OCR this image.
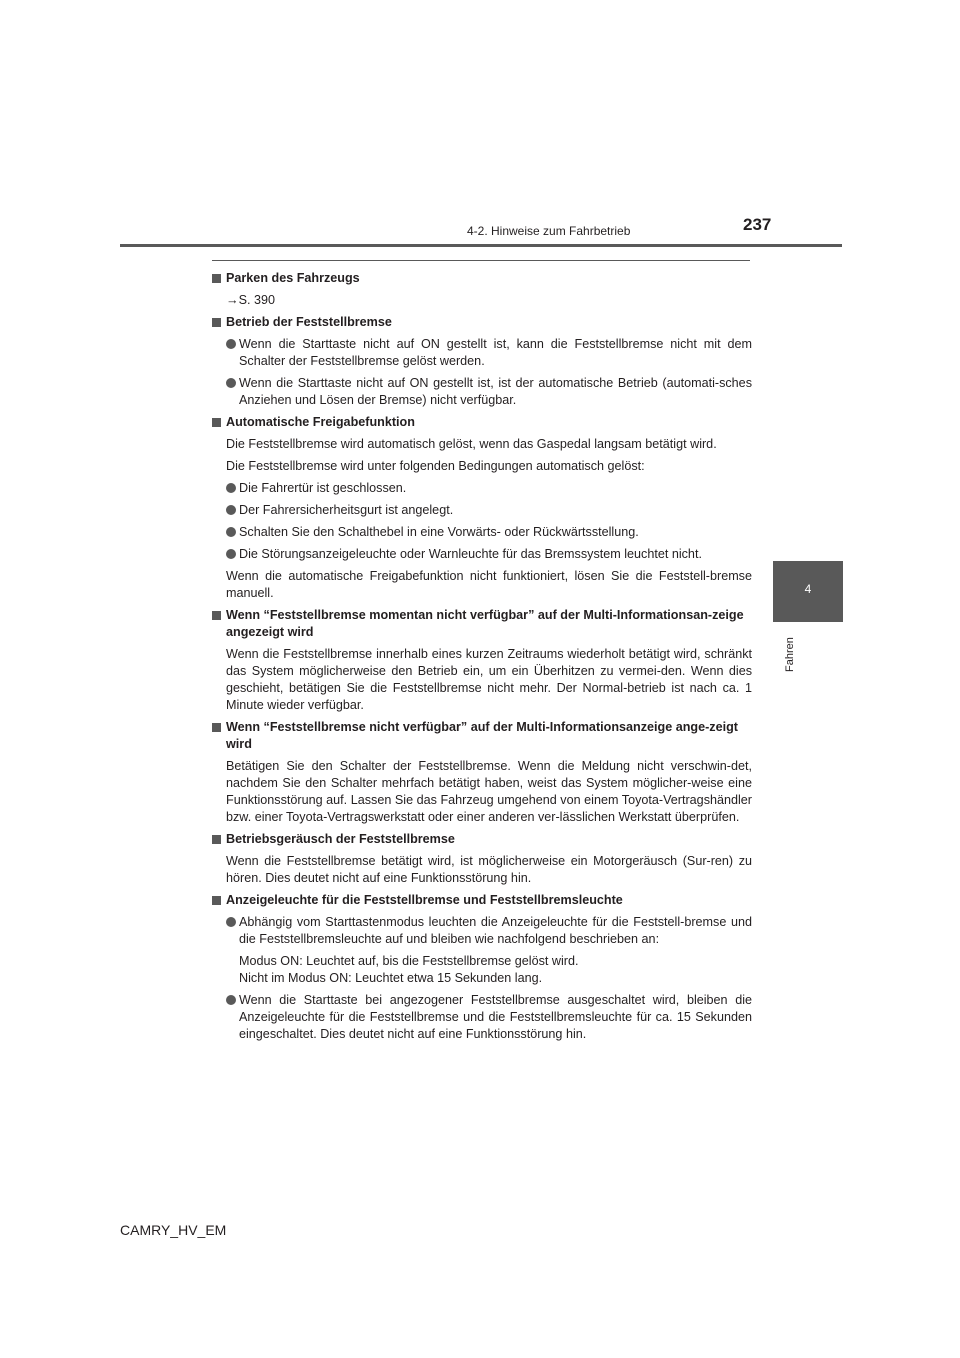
4-2. Hinweise zum Fahrbetrieb	237
4
Fahren
Parken des Fahrzeugs
→S. 390
Betrieb der Feststellbremse
Wenn die Starttaste nicht auf ON gestellt ist, kann die Feststellbremse nicht mit dem Schalter der Feststellbremse gelöst werden.
Wenn die Starttaste nicht auf ON gestellt ist, ist der automatische Betrieb (automati-sches Anziehen und Lösen der Bremse) nicht verfügbar.
Automatische Freigabefunktion
Die Feststellbremse wird automatisch gelöst, wenn das Gaspedal langsam betätigt wird.
Die Feststellbremse wird unter folgenden Bedingungen automatisch gelöst:
Die Fahrertür ist geschlossen.
Der Fahrersicherheitsgurt ist angelegt.
Schalten Sie den Schalthebel in eine Vorwärts- oder Rückwärtsstellung.
Die Störungsanzeigeleuchte oder Warnleuchte für das Bremssystem leuchtet nicht.
Wenn die automatische Freigabefunktion nicht funktioniert, lösen Sie die Feststell-bremse manuell.
Wenn “Feststellbremse momentan nicht verfügbar” auf der Multi-Informationsan-zeige angezeigt wird
Wenn die Feststellbremse innerhalb eines kurzen Zeitraums wiederholt betätigt wird, schränkt das System möglicherweise den Betrieb ein, um ein Überhitzen zu vermei-den. Wenn dies geschieht, betätigen Sie die Feststellbremse nicht mehr. Der Normal-betrieb ist nach ca. 1 Minute wieder verfügbar.
Wenn “Feststellbremse nicht verfügbar” auf der Multi-Informationsanzeige ange-zeigt wird
Betätigen Sie den Schalter der Feststellbremse. Wenn die Meldung nicht verschwin-det, nachdem Sie den Schalter mehrfach betätigt haben, weist das System möglicher-weise eine Funktionsstörung auf. Lassen Sie das Fahrzeug umgehend von einem Toyota-Vertragshändler bzw. einer Toyota-Vertragswerkstatt oder einer anderen ver-lässlichen Werkstatt überprüfen.
Betriebsgeräusch der Feststellbremse
Wenn die Feststellbremse betätigt wird, ist möglicherweise ein Motorgeräusch (Sur-ren) zu hören. Dies deutet nicht auf eine Funktionsstörung hin.
Anzeigeleuchte für die Feststellbremse und Feststellbremsleuchte
Abhängig vom Starttastenmodus leuchten die Anzeigeleuchte für die Feststell-bremse und die Feststellbremsleuchte auf und bleiben wie nachfolgend beschrieben an:
Modus ON: Leuchtet auf, bis die Feststellbremse gelöst wird.
Nicht im Modus ON: Leuchtet etwa 15 Sekunden lang.
Wenn die Starttaste bei angezogener Feststellbremse ausgeschaltet wird, bleiben die Anzeigeleuchte für die Feststellbremse und die Feststellbremsleuchte für ca. 15 Sekunden eingeschaltet. Dies deutet nicht auf eine Funktionsstörung hin.
CAMRY_HV_EM
